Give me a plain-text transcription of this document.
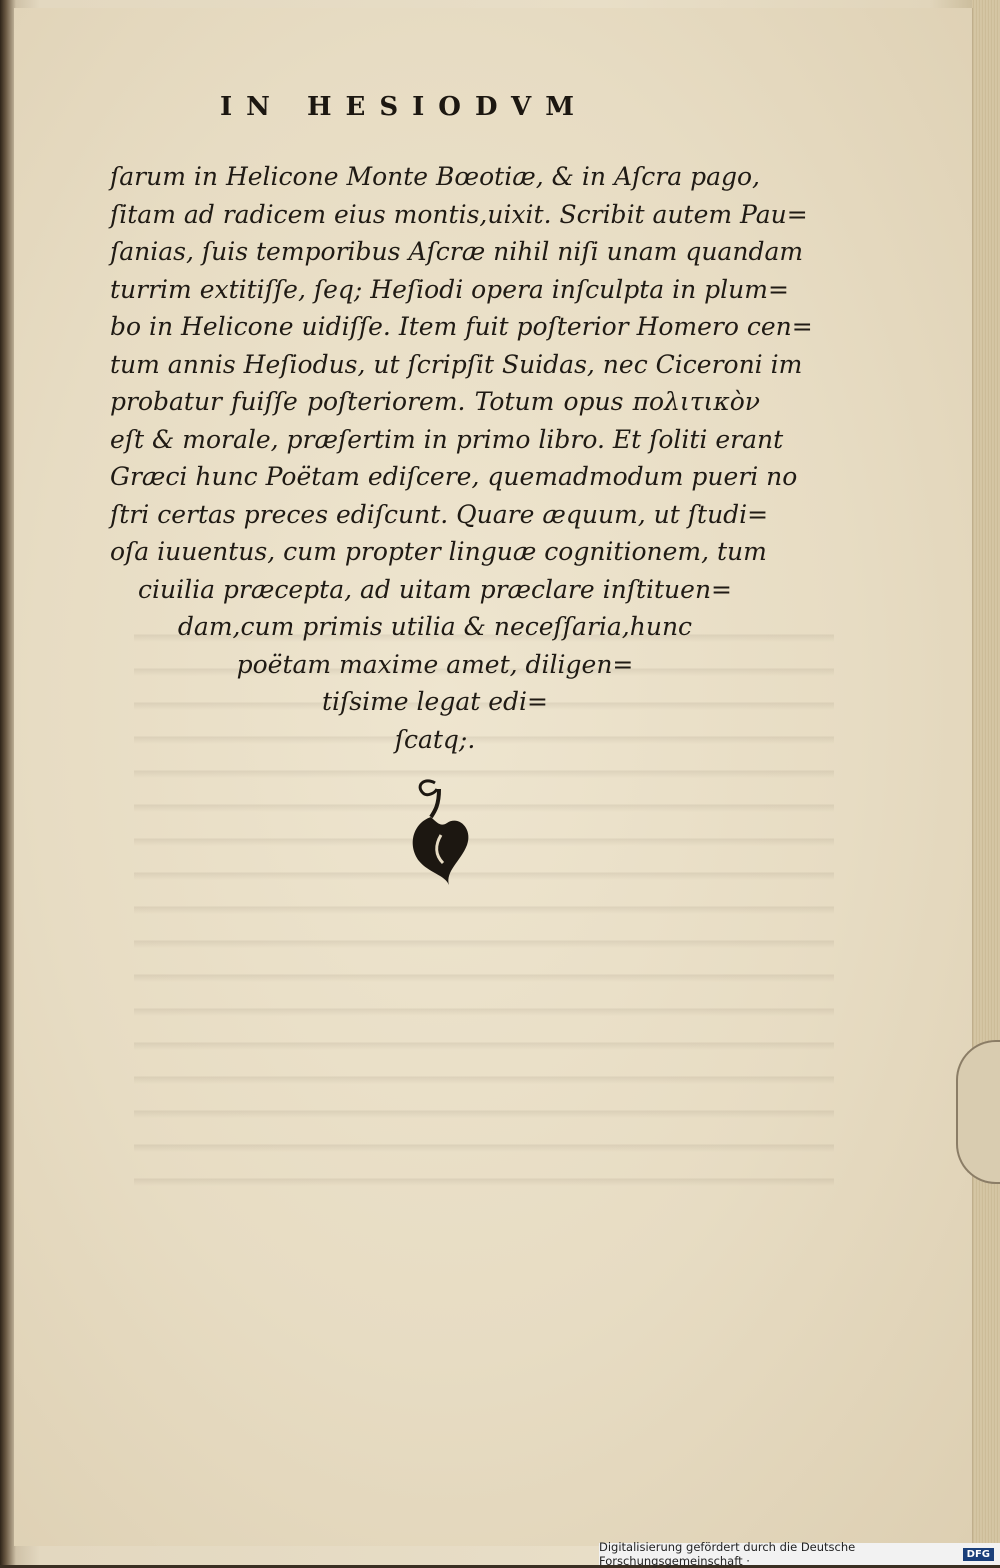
IN HESIODVM
ſarum in Helicone Monte Bœotiæ, & in Aſcra pago,
ſitam ad radicem eius montis,uixit. Scribit autem Pau=
ſanias, ſuis temporibus Aſcræ nihil niſi unam quandam
turrim extitiſſe, ſeq; Heſiodi opera inſculpta in plum=
bo in Helicone uidiſſe. Item fuit poſterior Homero cen=
tum annis Heſiodus, ut ſcripſit Suidas, nec Ciceroni im
probatur fuiſſe poſteriorem. Totum opus πολιτικὸν
eſt & morale, præſertim in primo libro. Et ſoliti erant
Græci hunc Poëtam ediſcere, quemadmodum pueri no
ſtri certas preces ediſcunt. Quare æquum, ut ſtudi=
oſa iuuentus, cum propter linguæ cognitionem, tum
ciuilia præcepta, ad uitam præclare inſtituen=
dam,cum primis utilia & neceſſaria,hunc
poëtam maxime amet, diligen=
tiſsime legat edi=
ſcatq;.
Digitalisierung gefördert durch die Deutsche Forschungsgemeinschaft ·	DFG
